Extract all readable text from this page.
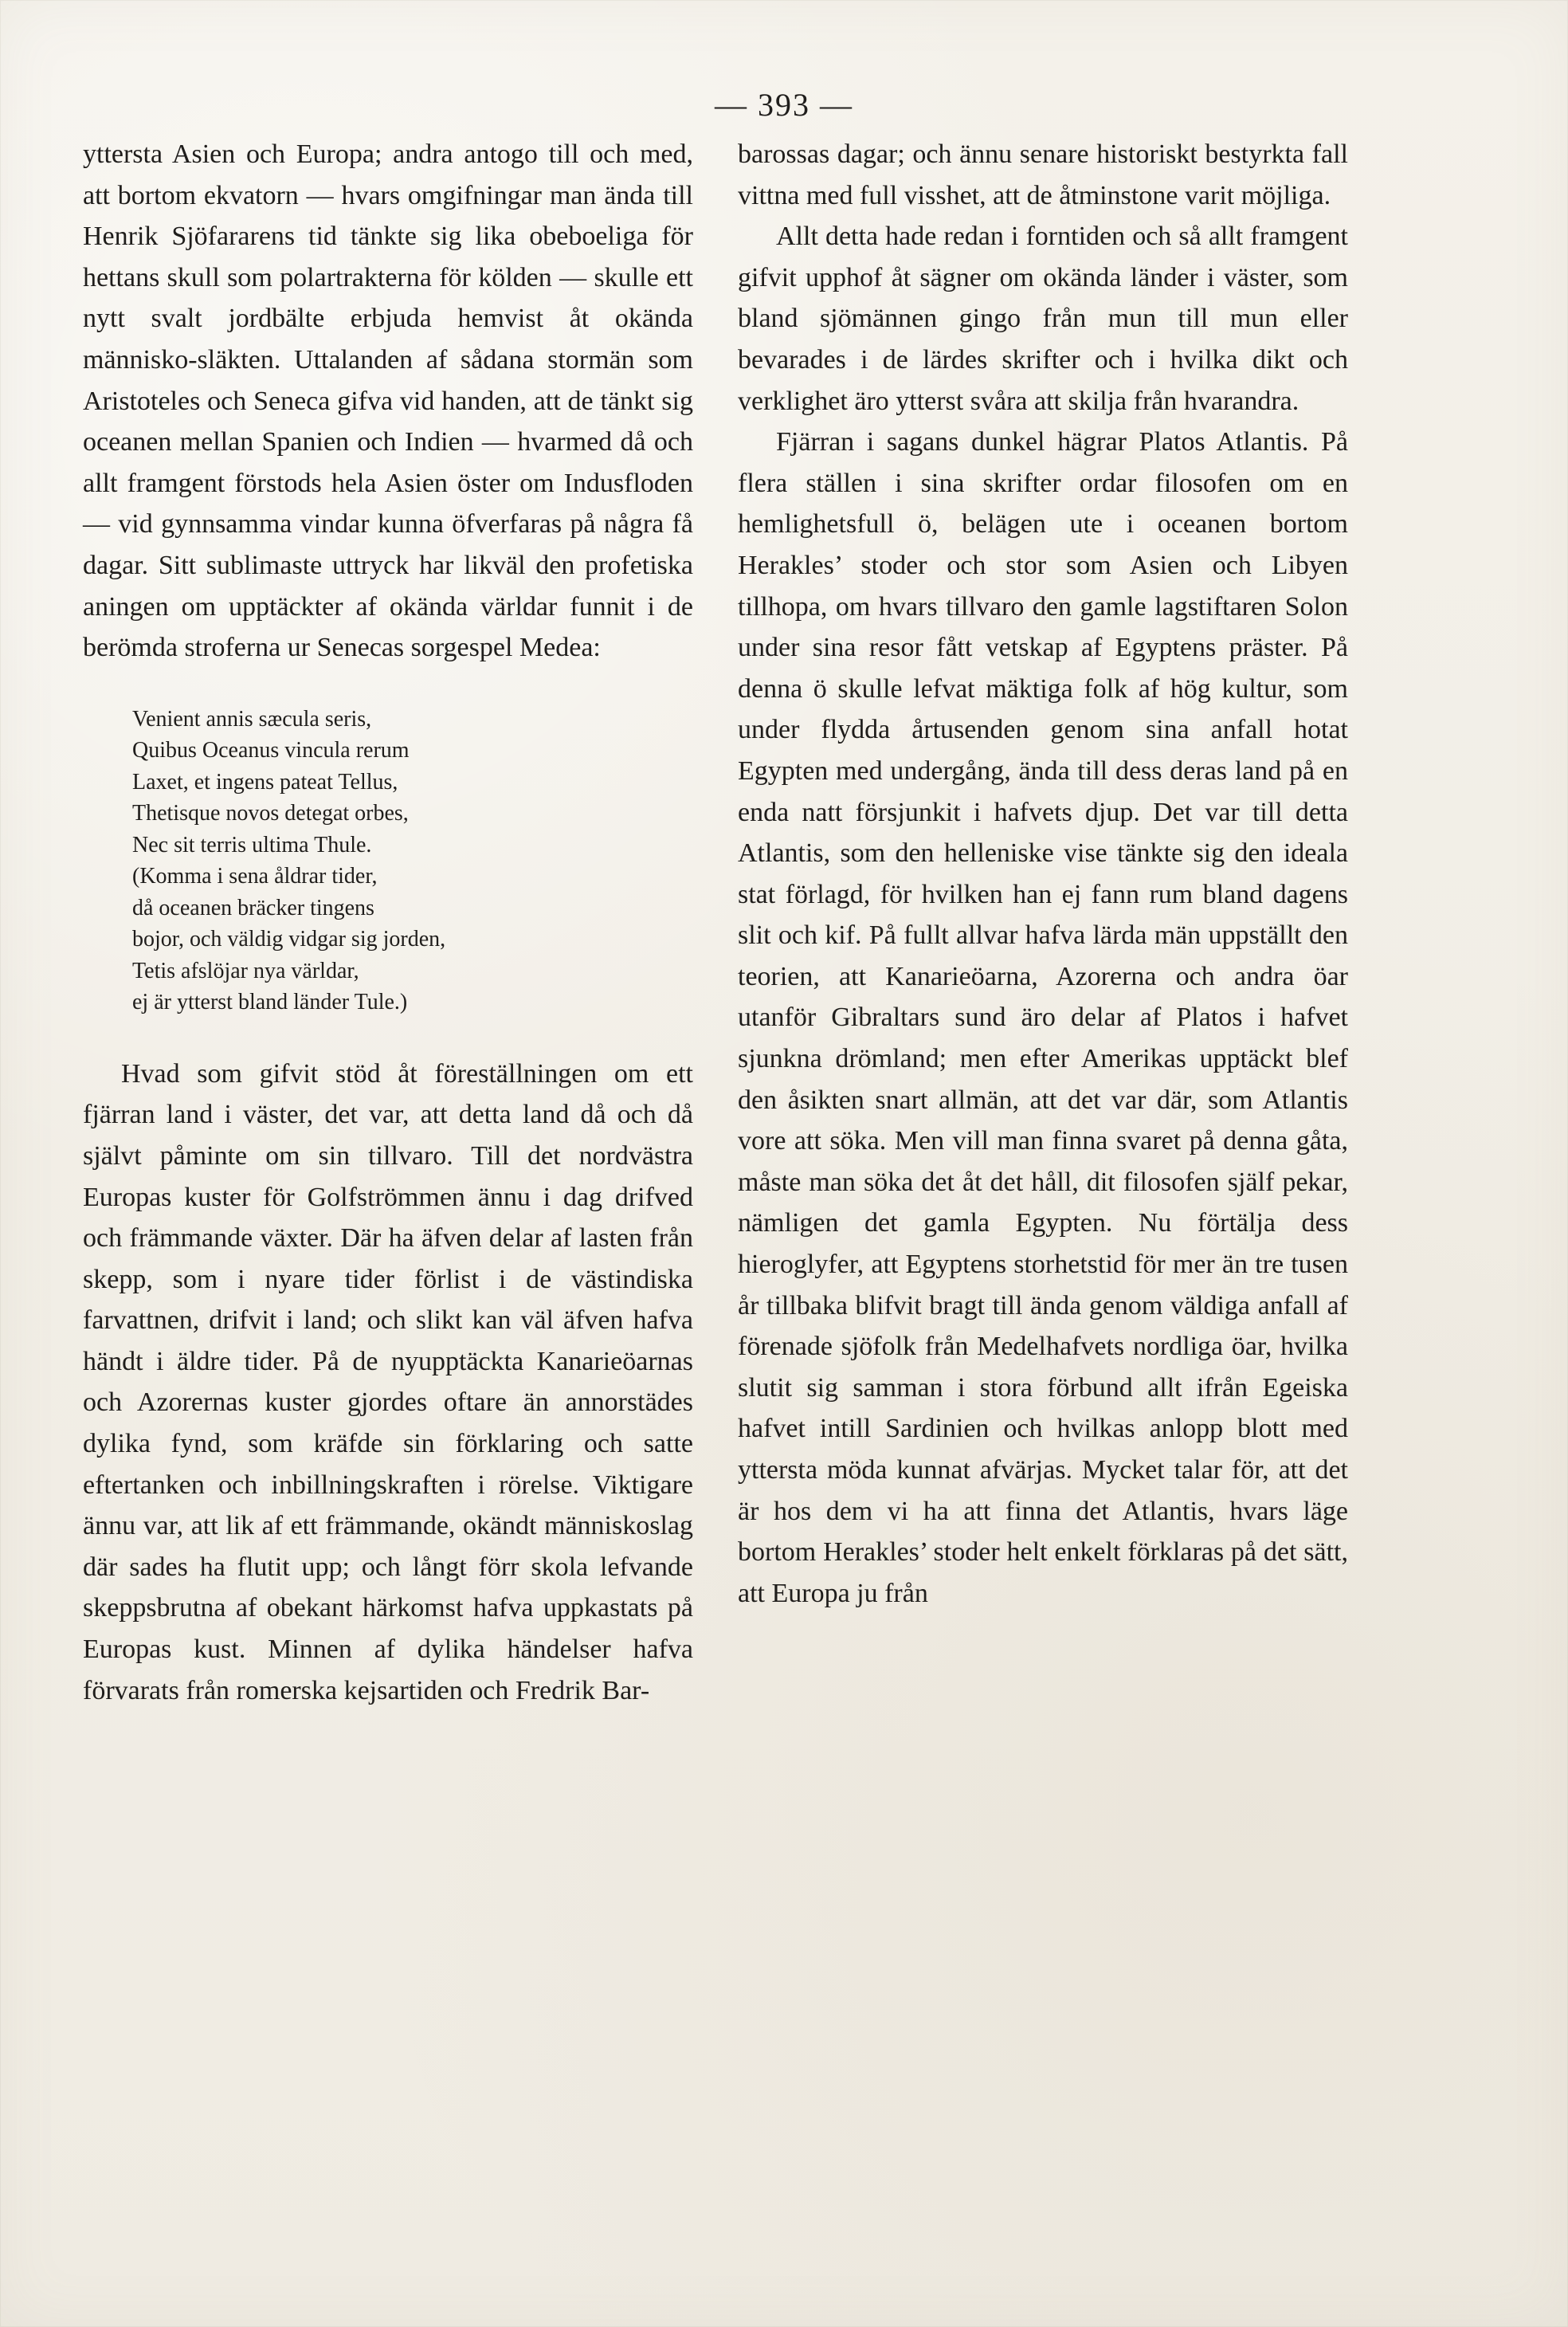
— 393 —

yttersta Asien och Europa; andra antogo till och med, att bortom ekvatorn — hvars omgifningar man ända till Henrik Sjöfararens tid tänkte sig lika obeboeliga för hettans skull som polartrakterna för kölden — skulle ett nytt svalt jordbälte erbjuda hemvist åt okända människo-släkten. Uttalanden af sådana stormän som Aristoteles och Seneca gifva vid handen, att de tänkt sig oceanen mellan Spanien och Indien — hvarmed då och allt framgent förstods hela Asien öster om Indusfloden — vid gynnsamma vindar kunna öfverfaras på några få dagar. Sitt sublimaste uttryck har likväl den profetiska aningen om upptäckter af okända världar funnit i de berömda stroferna ur Senecas sorgespel Medea:

Venient annis sæcula seris,
Quibus Oceanus vincula rerum
Laxet, et ingens pateat Tellus,
Thetisque novos detegat orbes,
Nec sit terris ultima Thule.
(Komma i sena åldrar tider,
då oceanen bräcker tingens
bojor, och väldig vidgar sig jorden,
Tetis afslöjar nya världar,
ej är ytterst bland länder Tule.)

Hvad som gifvit stöd åt föreställningen om ett fjärran land i väster, det var, att detta land då och då självt påminte om sin tillvaro. Till det nordvästra Europas kuster för Golfströmmen ännu i dag drifved och främmande växter. Där ha äfven delar af lasten från skepp, som i nyare tider förlist i de västindiska farvattnen, drifvit i land; och slikt kan väl äfven hafva händt i äldre tider. På de nyupptäckta Kanarieöarnas och Azorernas kuster gjordes oftare än annorstädes dylika fynd, som kräfde sin förklaring och satte eftertanken och inbillningskraften i rörelse. Viktigare ännu var, att lik af ett främmande, okändt människoslag där sades ha flutit upp; och långt förr skola lefvande skeppsbrutna af obekant härkomst hafva uppkastats på Europas kust. Minnen af dylika händelser hafva förvarats från romerska kejsartiden och Fredrik Bar-

barossas dagar; och ännu senare historiskt bestyrkta fall vittna med full visshet, att de åtminstone varit möjliga.

Allt detta hade redan i forntiden och så allt framgent gifvit upphof åt sägner om okända länder i väster, som bland sjömännen gingo från mun till mun eller bevarades i de lärdes skrifter och i hvilka dikt och verklighet äro ytterst svåra att skilja från hvarandra.

Fjärran i sagans dunkel hägrar Platos Atlantis. På flera ställen i sina skrifter ordar filosofen om en hemlighetsfull ö, belägen ute i oceanen bortom Herakles’ stoder och stor som Asien och Libyen tillhopa, om hvars tillvaro den gamle lagstiftaren Solon under sina resor fått vetskap af Egyptens präster. På denna ö skulle lefvat mäktiga folk af hög kultur, som under flydda årtusenden genom sina anfall hotat Egypten med undergång, ända till dess deras land på en enda natt försjunkit i hafvets djup. Det var till detta Atlantis, som den helleniske vise tänkte sig den ideala stat förlagd, för hvilken han ej fann rum bland dagens slit och kif. På fullt allvar hafva lärda män uppställt den teorien, att Kanarieöarna, Azorerna och andra öar utanför Gibraltars sund äro delar af Platos i hafvet sjunkna drömland; men efter Amerikas upptäckt blef den åsikten snart allmän, att det var där, som Atlantis vore att söka. Men vill man finna svaret på denna gåta, måste man söka det åt det håll, dit filosofen själf pekar, nämligen det gamla Egypten. Nu förtälja dess hieroglyfer, att Egyptens storhetstid för mer än tre tusen år tillbaka blifvit bragt till ända genom väldiga anfall af förenade sjöfolk från Medelhafvets nordliga öar, hvilka slutit sig samman i stora förbund allt ifrån Egeiska hafvet intill Sardinien och hvilkas anlopp blott med yttersta möda kunnat afvärjas. Mycket talar för, att det är hos dem vi ha att finna det Atlantis, hvars läge bortom Herakles’ stoder helt enkelt förklaras på det sätt, att Europa ju från
